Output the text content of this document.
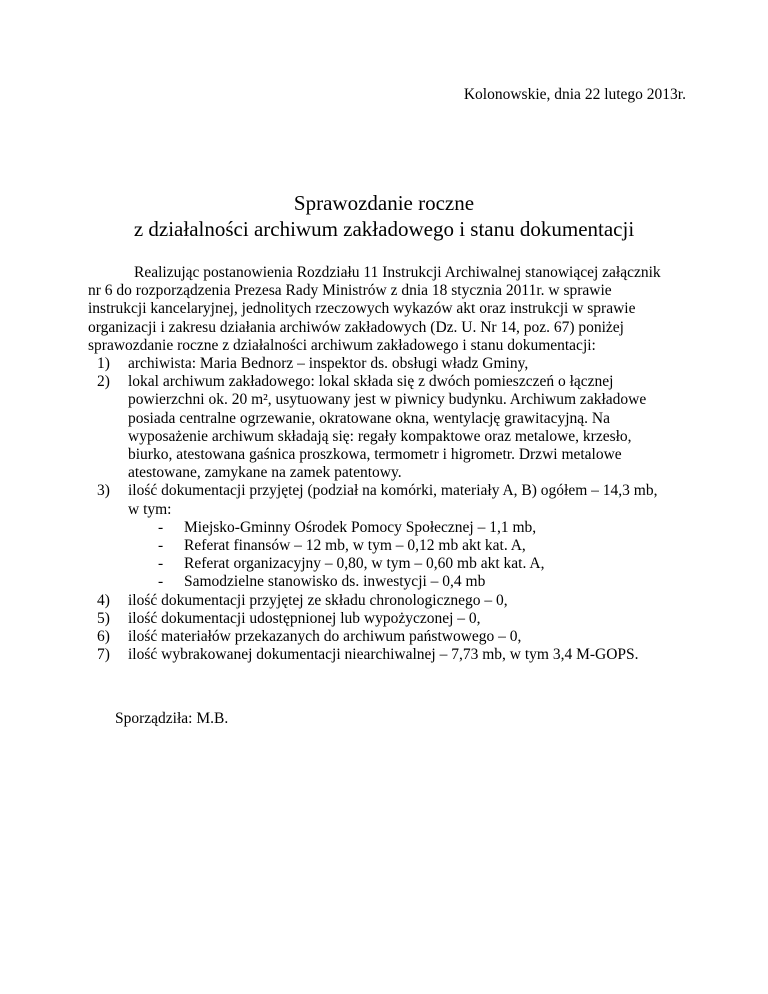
Kolonowskie, dnia 22 lutego 2013r.
Sprawozdanie roczne
z działalności archiwum zakładowego i stanu dokumentacji
Realizując postanowienia Rozdziału 11 Instrukcji Archiwalnej stanowiącej załącznik
nr 6 do rozporządzenia Prezesa Rady Ministrów z dnia 18 stycznia 2011r. w sprawie
instrukcji kancelaryjnej, jednolitych rzeczowych wykazów akt oraz instrukcji w sprawie
organizacji i zakresu działania archiwów zakładowych (Dz. U. Nr 14, poz. 67) poniżej
sprawozdanie roczne z działalności archiwum zakładowego i stanu dokumentacji:
1) archiwista: Maria Bednorz – inspektor ds. obsługi władz Gminy,
2) lokal archiwum zakładowego: lokal składa się z dwóch pomieszczeń o łącznej
powierzchni ok. 20 m², usytuowany jest w piwnicy budynku. Archiwum zakładowe
posiada centralne ogrzewanie, okratowane okna, wentylację grawitacyjną. Na
wyposażenie archiwum składają się: regały kompaktowe oraz metalowe, krzesło,
biurko, atestowana gaśnica proszkowa, termometr i higrometr. Drzwi metalowe
atestowane, zamykane na zamek patentowy.
3) ilość dokumentacji przyjętej (podział na komórki, materiały A, B) ogółem – 14,3 mb,
w tym:
- Miejsko-Gminny Ośrodek Pomocy Społecznej – 1,1 mb,
- Referat finansów – 12 mb, w tym – 0,12 mb akt kat. A,
- Referat organizacyjny – 0,80, w tym – 0,60 mb akt kat. A,
- Samodzielne stanowisko ds. inwestycji – 0,4 mb
4) ilość dokumentacji przyjętej ze składu chronologicznego – 0,
5) ilość dokumentacji udostępnionej lub wypożyczonej – 0,
6) ilość materiałów przekazanych do archiwum państwowego – 0,
7) ilość wybrakowanej dokumentacji niearchiwalnej – 7,73 mb, w tym 3,4 M-GOPS.
Sporządziła: M.B.
